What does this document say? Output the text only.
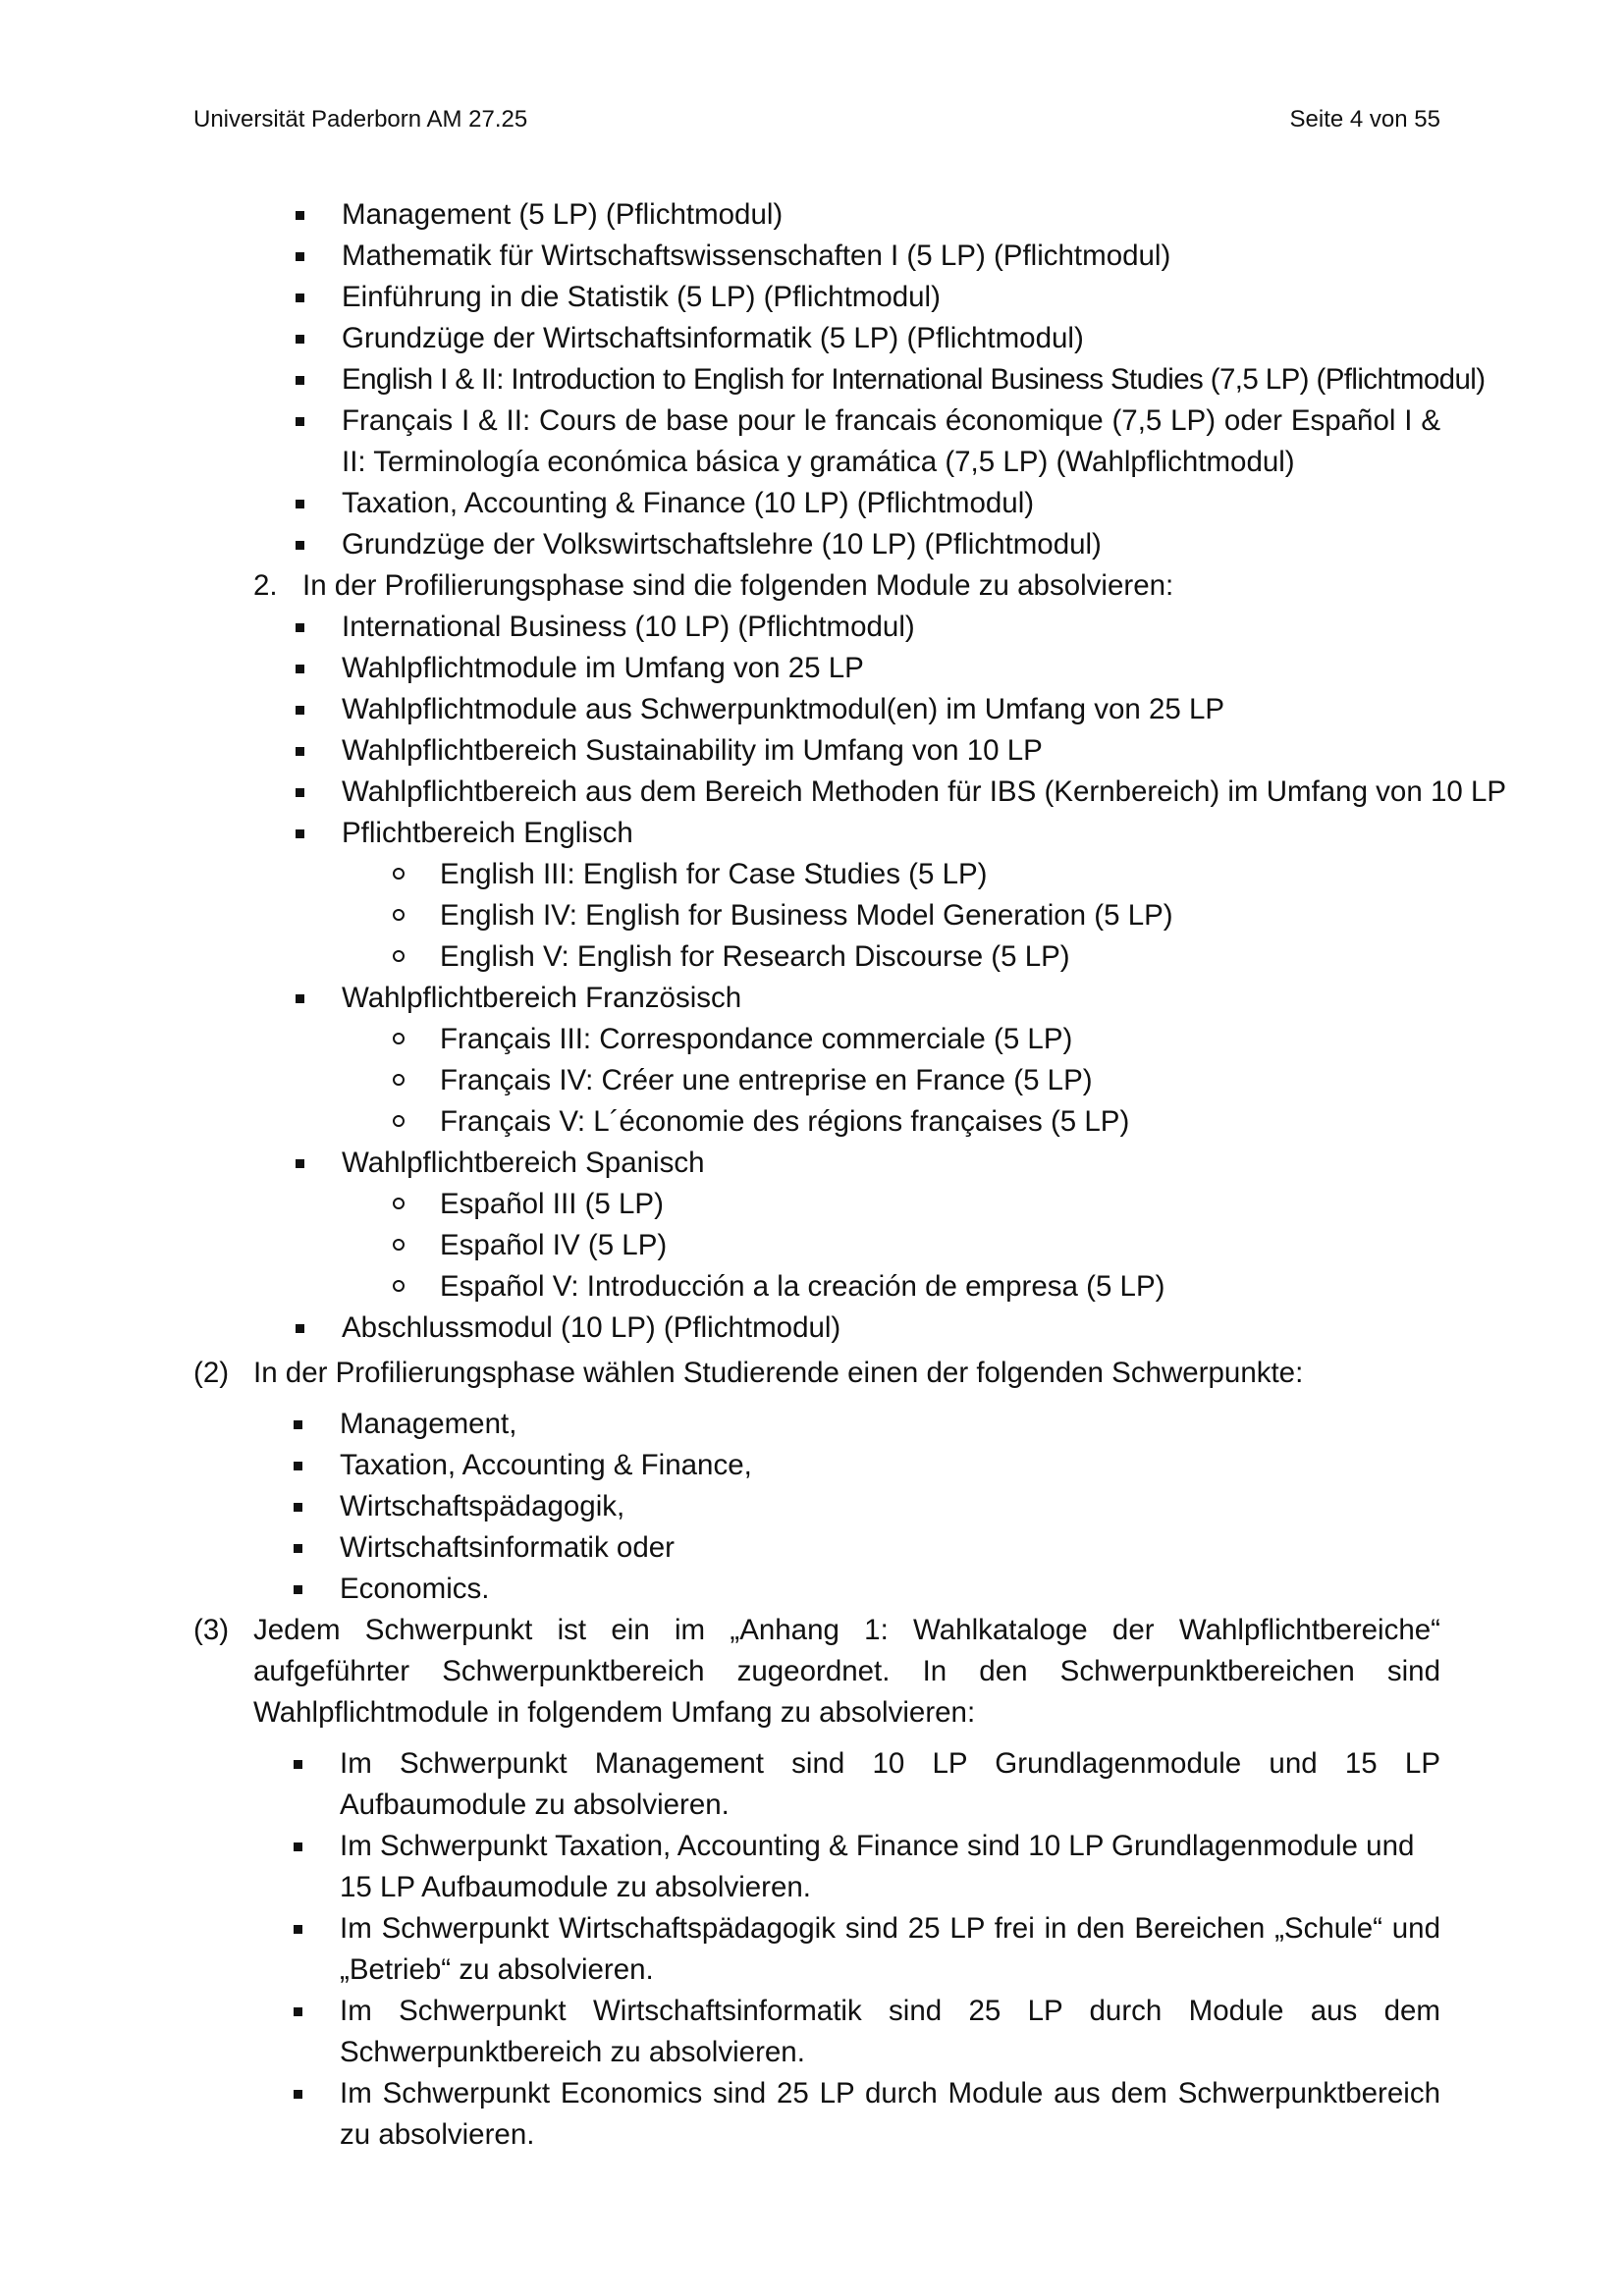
Universität Paderborn AM 27.25	Seite 4 von 55
Management (5 LP) (Pflichtmodul)
Mathematik für Wirtschaftswissenschaften I (5 LP) (Pflichtmodul)
Einführung in die Statistik (5 LP) (Pflichtmodul)
Grundzüge der Wirtschaftsinformatik (5 LP) (Pflichtmodul)
English I & II: Introduction to English for International Business Studies (7,5 LP) (Pflichtmodul)
Français I & II: Cours de base pour le francais économique (7,5 LP) oder Español I & II: Terminología económica básica y gramática (7,5 LP) (Wahlpflichtmodul)
Taxation, Accounting & Finance (10 LP) (Pflichtmodul)
Grundzüge der Volkswirtschaftslehre (10 LP) (Pflichtmodul)
2. In der Profilierungsphase sind die folgenden Module zu absolvieren:
International Business (10 LP) (Pflichtmodul)
Wahlpflichtmodule im Umfang von 25 LP
Wahlpflichtmodule aus Schwerpunktmodul(en) im Umfang von 25 LP
Wahlpflichtbereich Sustainability im Umfang von 10 LP
Wahlpflichtbereich aus dem Bereich Methoden für IBS (Kernbereich) im Umfang von 10 LP
Pflichtbereich Englisch
English III: English for Case Studies (5 LP)
English IV: English for Business Model Generation (5 LP)
English V: English for Research Discourse (5 LP)
Wahlpflichtbereich Französisch
Français III: Correspondance commerciale (5 LP)
Français IV: Créer une entreprise en France (5 LP)
Français V: L´économie des régions françaises (5 LP)
Wahlpflichtbereich Spanisch
Español III (5 LP)
Español IV (5 LP)
Español V: Introducción a la creación de empresa (5 LP)
Abschlussmodul (10 LP) (Pflichtmodul)
(2) In der Profilierungsphase wählen Studierende einen der folgenden Schwerpunkte:
Management,
Taxation, Accounting & Finance,
Wirtschaftspädagogik,
Wirtschaftsinformatik oder
Economics.
(3) Jedem Schwerpunkt ist ein im „Anhang 1: Wahlkataloge der Wahlpflichtbereiche“ aufgeführter Schwerpunktbereich zugeordnet. In den Schwerpunktbereichen sind Wahlpflichtmodule in folgendem Umfang zu absolvieren:
Im Schwerpunkt Management sind 10 LP Grundlagenmodule und 15 LP Aufbaumodule zu absolvieren.
Im Schwerpunkt Taxation, Accounting & Finance sind 10 LP Grundlagenmodule und 15 LP Aufbaumodule zu absolvieren.
Im Schwerpunkt Wirtschaftspädagogik sind 25 LP frei in den Bereichen „Schule“ und „Betrieb“ zu absolvieren.
Im Schwerpunkt Wirtschaftsinformatik sind 25 LP durch Module aus dem Schwerpunktbereich zu absolvieren.
Im Schwerpunkt Economics sind 25 LP durch Module aus dem Schwerpunktbereich zu absolvieren.
